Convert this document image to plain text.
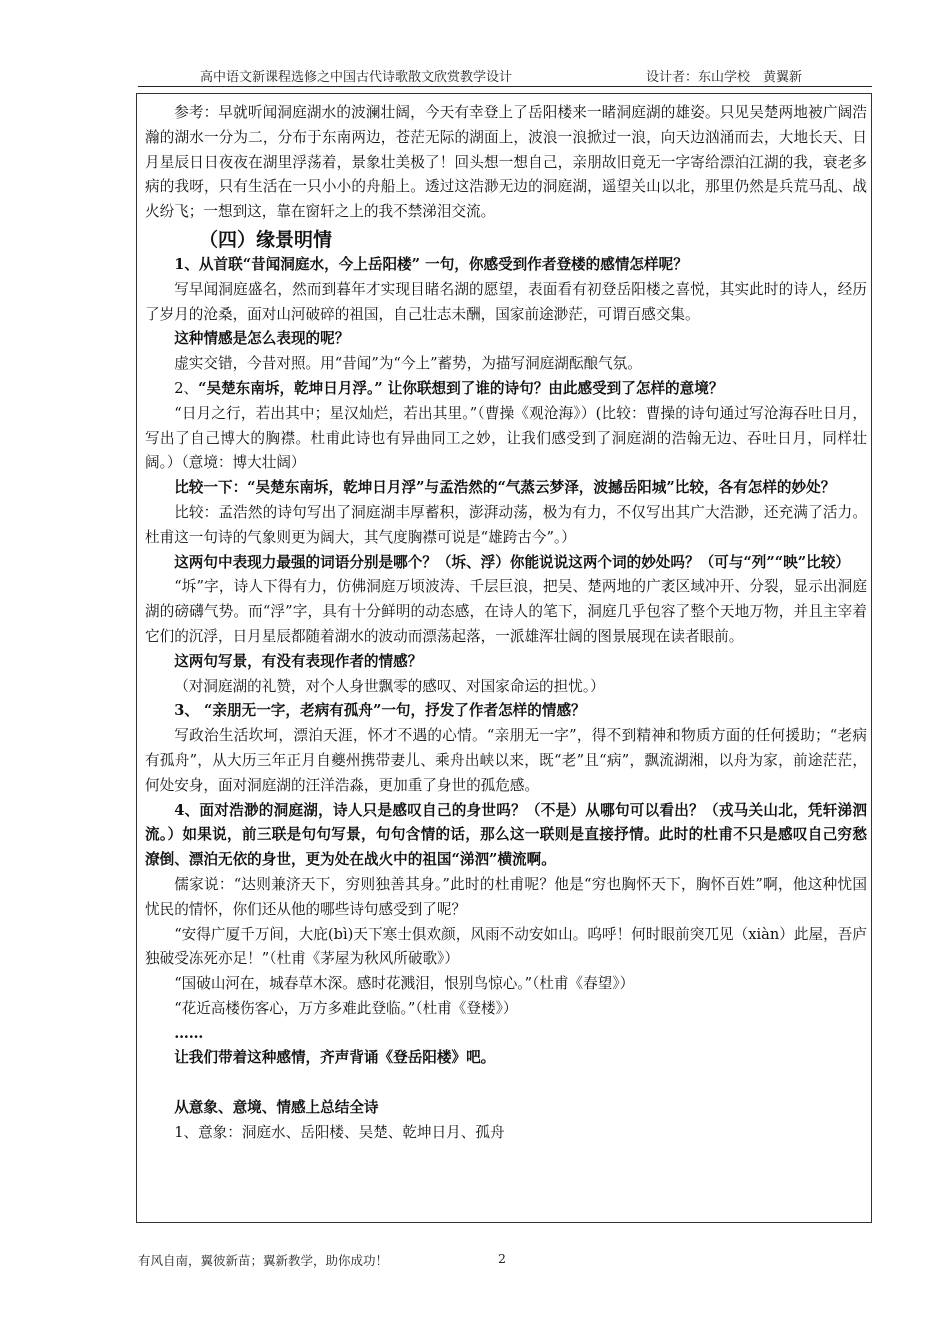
高中语文新课程选修之中国古代诗歌散文欣赏教学设计	设计者：东山学校　黄翼新

参考：早就听闻洞庭湖水的波澜壮阔，今天有幸登上了岳阳楼来一睹洞庭湖的雄姿。只见吴楚两地被广阔浩瀚的湖水一分为二，分布于东南两边，苍茫无际的湖面上，波浪一浪掀过一浪，向天边汹涌而去，大地长天、日月星辰日日夜夜在湖里浮荡着，景象壮美极了！回头想一想自己，亲朋故旧竟无一字寄给漂泊江湖的我，衰老多病的我呀，只有生活在一只小小的舟船上。透过这浩渺无边的洞庭湖，遥望关山以北，那里仍然是兵荒马乱、战火纷飞；一想到这，靠在窗轩之上的我不禁涕泪交流。

（四）缘景明情

1、从首联“昔闻洞庭水，今上岳阳楼” 一句，你感受到作者登楼的感情怎样呢？

写早闻洞庭盛名，然而到暮年才实现目睹名湖的愿望，表面看有初登岳阳楼之喜悦，其实此时的诗人，经历了岁月的沧桑，面对山河破碎的祖国，自己壮志未酬，国家前途渺茫，可谓百感交集。

这种情感是怎么表现的呢？

虚实交错，今昔对照。用“昔闻”为“今上”蓄势，为描写洞庭湖酝酿气氛。

2、“吴楚东南坼，乾坤日月浮。” 让你联想到了谁的诗句？由此感受到了怎样的意境？

“日月之行，若出其中；星汉灿烂，若出其里。”（曹操《观沧海》）(比较：曹操的诗句通过写沧海吞吐日月，写出了自己博大的胸襟。杜甫此诗也有异曲同工之妙，让我们感受到了洞庭湖的浩翰无边、吞吐日月，同样壮阔。）（意境：博大壮阔）

比较一下：“吴楚东南坼，乾坤日月浮”与孟浩然的“气蒸云梦泽，波撼岳阳城”比较，各有怎样的妙处？

比较：孟浩然的诗句写出了洞庭湖丰厚蓄积，澎湃动荡，极为有力，不仅写出其广大浩渺，还充满了活力。杜甫这一句诗的气象则更为阔大，其气度胸襟可说是“雄跨古今”。）

这两句中表现力最强的词语分别是哪个？（坼、浮）你能说说这两个词的妙处吗？（可与“列”“映”比较）

“坼”字，诗人下得有力，仿佛洞庭万顷波涛、千层巨浪，把吴、楚两地的广袤区域冲开、分裂，显示出洞庭湖的磅礴气势。而“浮”字，具有十分鲜明的动态感，在诗人的笔下，洞庭几乎包容了整个天地万物，并且主宰着它们的沉浮，日月星辰都随着湖水的波动而漂荡起落，一派雄浑壮阔的图景展现在读者眼前。

这两句写景，有没有表现作者的情感？

（对洞庭湖的礼赞，对个人身世飘零的感叹、对国家命运的担忧。）

3、 “亲朋无一字，老病有孤舟”一句，抒发了作者怎样的情感？

写政治生活坎坷，漂泊天涯，怀才不遇的心情。“亲朋无一字”，得不到精神和物质方面的任何援助；“老病有孤舟”，从大历三年正月自夔州携带妻儿、乘舟出峡以来，既“老”且“病”，飘流湖湘，以舟为家，前途茫茫，何处安身，面对洞庭湖的汪洋浩淼，更加重了身世的孤危感。

4、面对浩渺的洞庭湖，诗人只是感叹自己的身世吗？（不是）从哪句可以看出？（戎马关山北，凭轩涕泗流。）如果说，前三联是句句写景，句句含情的话，那么这一联则是直接抒情。此时的杜甫不只是感叹自己穷愁潦倒、漂泊无依的身世，更为处在战火中的祖国“涕泗”横流啊。

儒家说：“达则兼济天下，穷则独善其身。”此时的杜甫呢？他是“穷也胸怀天下，胸怀百姓”啊，他这种忧国忧民的情怀，你们还从他的哪些诗句感受到了呢？

“安得广厦千万间，大庇(bì)天下寒士俱欢颜，风雨不动安如山。呜呼！何时眼前突兀见（xiàn）此屋，吾庐独破受冻死亦足！”（杜甫《茅屋为秋风所破歌》）

“国破山河在，城春草木深。感时花溅泪，恨别鸟惊心。”（杜甫《春望》）

“花近高楼伤客心，万方多难此登临。”（杜甫《登楼》）

……

让我们带着这种感情，齐声背诵《登岳阳楼》吧。

从意象、意境、情感上总结全诗

1、意象：洞庭水、岳阳楼、吴楚、乾坤日月、孤舟

有风自南，翼彼新苗；翼新教学，助你成功！	2
